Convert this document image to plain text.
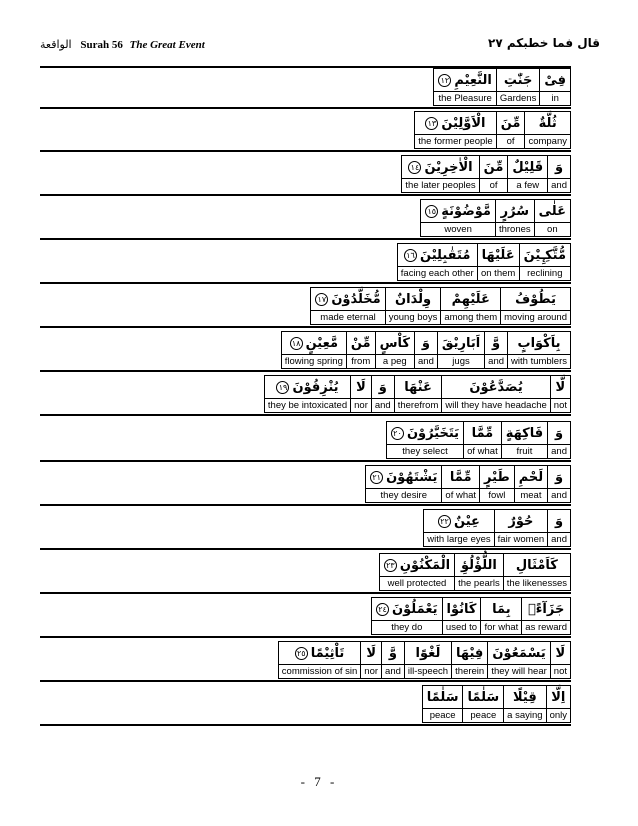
الواقعة Surah 56 The Great Event	قال فما خطبكم ٢٧
فِیْ
in
جَنّٰتِ
Gardens
١٢ النَّعِیْمِ
the Pleasure
ثُلَّةٌ
company
مِّنَ
of
١٣ الْاَوَّلِیْنَ
the former people
وَ
and
قَلِیْلٌ
a few
مِّنَ
of
١٤ الْاٰخِرِیْنَ
the later peoples
عَلٰی
on
سُرُرٍ
thrones
١٥ مَّوْضُوْنَةٍ
woven
مُّتَّكِـِٕیْنَ
reclining
عَلَیْهَا
on them
١٦ مُتَقٰبِلِیْنَ
facing each other
یَطُوْفُ
moving around
عَلَیْهِمْ
among them
وِلْدَانٌ
young boys
١٧ مُّخَلَّدُوْنَ
made eternal
بِاَكْوَابٍ
with tumblers
وَّ
and
اَبَارِیْقَ
jugs
وَ
and
كَاْسٍ
a peg
مِّنْ
from
١٨ مَّعِیْنٍ
flowing spring
لَّا
not
یُصَدَّعُوْنَ
will they have headache
عَنْهَا
therefrom
وَ
and
لَا
nor
١٩ یُنْزِفُوْنَ
they be intoxicated
وَ
and
فَاكِهَةٍ
fruit
مِّمَّا
of what
٢٠ یَتَخَیَّرُوْنَ
they select
وَ
and
لَحْمِ
meat
طَیْرٍ
fowl
مِّمَّا
of what
٢١ یَشْتَهُوْنَ
they desire
وَ
and
حُوْرٌ
fair women
٢٢ عِیْنٌ
with large eyes
كَاَمْثَالِ
the likenesses
اللُّؤْلُؤِ
the pearls
٢٣ الْمَكْنُوْنِ
well protected
جَزَآءًۢ
as reward
بِمَا
for what
كَانُوْا
used to
٢٤ یَعْمَلُوْنَ
they do
لَا
not
یَسْمَعُوْنَ
they will hear
فِیْهَا
therein
لَغْوًا
ill-speech
وَّ
and
لَا
nor
٢٥ تَاْثِیْمًا
commission of sin
اِلَّا
only
قِیْلًا
a saying
سَلٰمًا
peace
سَلٰمًا
peace
- 7 -
